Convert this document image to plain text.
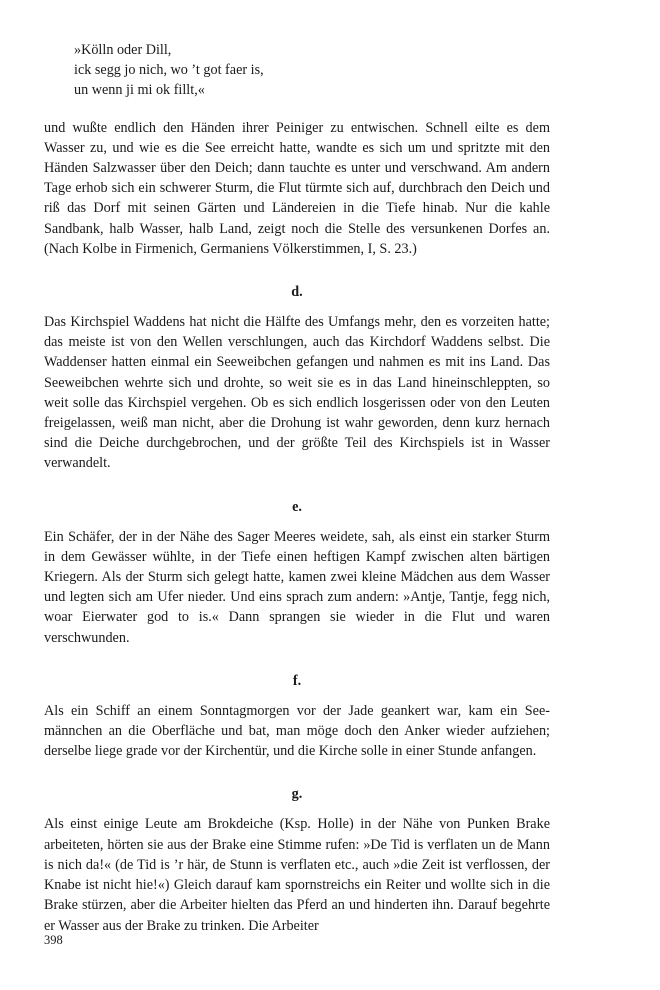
»Kölln oder Dill,
ick segg jo nich, wo ’t got faer is,
un wenn ji mi ok fillt,«

und wußte endlich den Händen ihrer Peiniger zu entwischen. Schnell eilte es dem Wasser zu, und wie es die See erreicht hatte, wandte es sich um und spritzte mit den Händen Salzwasser über den Deich; dann tauchte es unter und verschwand. Am andern Tage erhob sich ein schwerer Sturm, die Flut türmte sich auf, durchbrach den Deich und riß das Dorf mit seinen Gärten und Ländereien in die Tiefe hinab. Nur die kahle Sandbank, halb Wasser, halb Land, zeigt noch die Stelle des versunkenen Dorfes an. (Nach Kolbe in Firmenich, Germaniens Völkerstimmen, I, S. 23.)

d.

Das Kirchspiel Waddens hat nicht die Hälfte des Umfangs mehr, den es vorzeiten hatte; das meiste ist von den Wellen verschlungen, auch das Kirchdorf Waddens selbst. Die Waddenser hatten einmal ein Seeweibchen gefangen und nahmen es mit ins Land. Das Seeweibchen wehrte sich und drohte, so weit sie es in das Land hineinschleppten, so weit solle das Kirchspiel vergehen. Ob es sich endlich losgerissen oder von den Leuten freigelassen, weiß man nicht, aber die Drohung ist wahr geworden, denn kurz hernach sind die Deiche durchgebrochen, und der größte Teil des Kirchspiels ist in Wasser verwandelt.

e.

Ein Schäfer, der in der Nähe des Sager Meeres weidete, sah, als einst ein starker Sturm in dem Gewässer wühlte, in der Tiefe einen heftigen Kampf zwischen alten bärtigen Kriegern. Als der Sturm sich gelegt hatte, kamen zwei kleine Mädchen aus dem Wasser und legten sich am Ufer nieder. Und eins sprach zum andern: »Antje, Tantje, fegg nich, woar Eierwater god to is.« Dann sprangen sie wieder in die Flut und waren verschwunden.

f.

Als ein Schiff an einem Sonntagmorgen vor der Jade geankert war, kam ein Seemännchen an die Oberfläche und bat, man möge doch den Anker wieder aufziehen; derselbe liege grade vor der Kirchentür, und die Kirche solle in einer Stunde anfangen.

g.

Als einst einige Leute am Brokdeiche (Ksp. Holle) in der Nähe von Punken Brake arbeiteten, hörten sie aus der Brake eine Stimme rufen: »De Tid is verflaten un de Mann is nich da!« (de Tid is ’r här, de Stunn is verflaten etc., auch »die Zeit ist verflossen, der Knabe ist nicht hie!«) Gleich darauf kam spornstreichs ein Reiter und wollte sich in die Brake stürzen, aber die Arbeiter hielten das Pferd an und hinderten ihn. Darauf begehrte er Wasser aus der Brake zu trinken. Die Arbeiter

398
